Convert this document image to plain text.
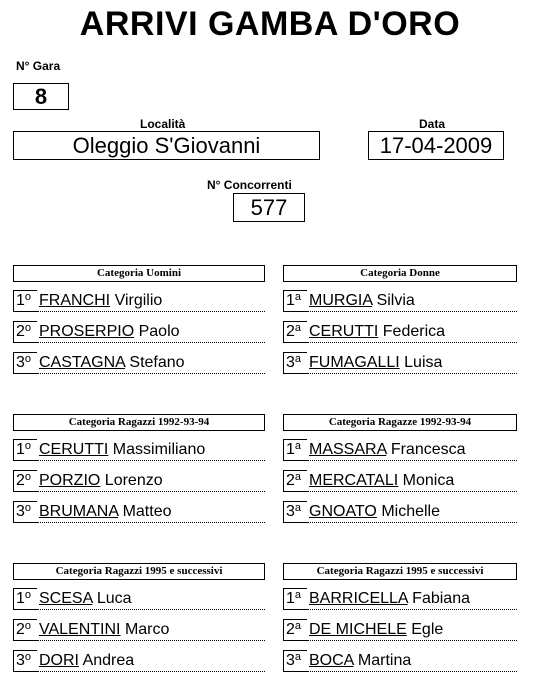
ARRIVI GAMBA D'ORO
N° Gara
8
Località
Oleggio S'Giovanni
Data
17-04-2009
N° Concorrenti
577
Categoria Uomini
1$^o$ FRANCHI Virgilio
2$^o$ PROSERPIO Paolo
3$^o$ CASTAGNA Stefano
Categoria Donne
1$^a$ MURGIA Silvia
2$^a$ CERUTTI Federica
3$^a$ FUMAGALLI Luisa
Categoria Ragazzi 1992-93-94
1$^o$ CERUTTI Massimiliano
2$^o$ PORZIO Lorenzo
3$^o$ BRUMANA Matteo
Categoria Ragazze 1992-93-94
1$^a$ MASSARA Francesca
2$^a$ MERCATALI Monica
3$^a$ GNOATO Michelle
Categoria Ragazzi 1995 e successivi
1$^o$ SCESA Luca
2$^o$ VALENTINI Marco
3$^o$ DORI Andrea
Categoria Ragazzi 1995 e successivi
1$^a$ BARRICELLA Fabiana
2$^a$ DE MICHELE Egle
3$^a$ BOCA Martina
